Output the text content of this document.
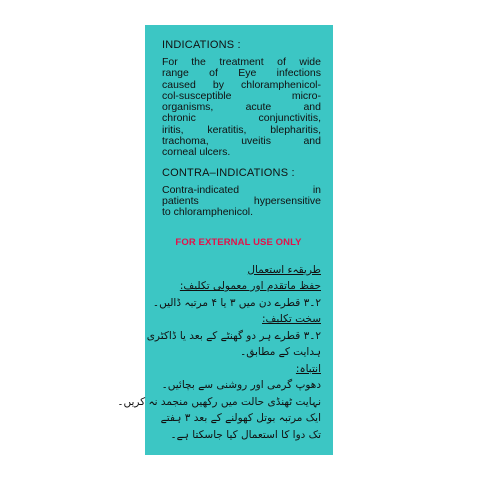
INDICATIONS :
For the treatment of wide
range of Eye infections
caused by chloramphenicol-
col-susceptible micro-
organisms, acute and
chronic conjunctivitis,
iritis, keratitis, blepharitis,
trachoma, uveitis and
corneal ulcers.
CONTRA–INDICATIONS :
Contra-indicated in
patients hypersensitive
to chloramphenicol.
FOR EXTERNAL USE ONLY
طریقہء استعمال
حفظ ماتقدم اور معمولی تکلیف:
۲۔۳ قطرے دن میں ۳ یا ۴ مرتبہ ڈالیں۔
سخت تکلیف:
۲۔۳ قطرے ہر دو گھنٹے کے بعد یا ڈاکٹری
ہدایت کے مطابق۔
انتباہ:
دھوپ گرمی اور روشنی سے بچائیں۔
نہایت ٹھنڈی حالت میں رکھیں منجمد نہ کریں۔
ایک مرتبہ بوتل کھولنے کے بعد ۳ ہفتے
تک دوا کا استعمال کیا جاسکتا ہے۔
